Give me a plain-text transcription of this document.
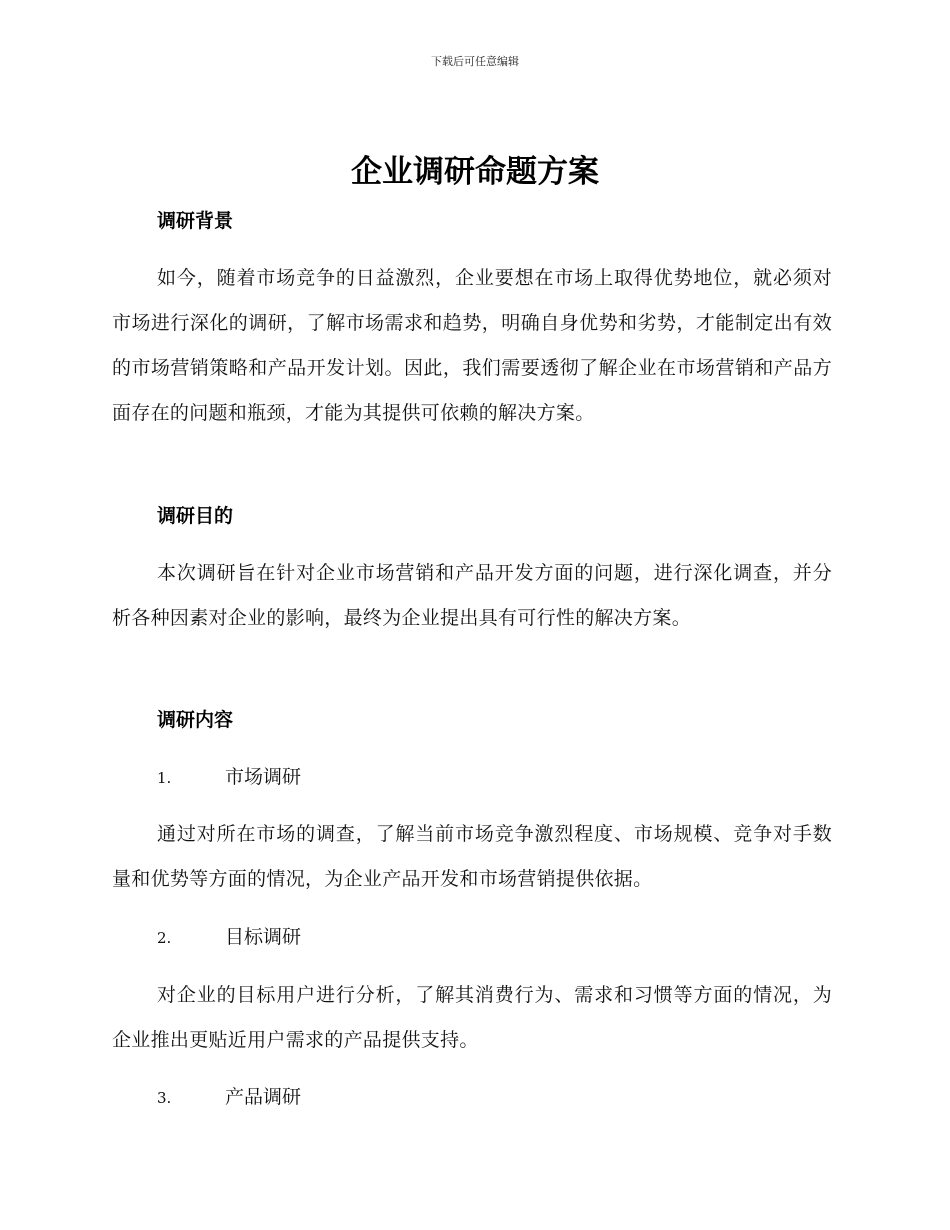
下载后可任意编辑
企业调研命题方案
调研背景

如今，随着市场竞争的日益激烈，企业要想在市场上取得优势地位，就必须对市场进行深化的调研，了解市场需求和趋势，明确自身优势和劣势，才能制定出有效的市场营销策略和产品开发计划。因此，我们需要透彻了解企业在市场营销和产品方面存在的问题和瓶颈，才能为其提供可依赖的解决方案。

调研目的

本次调研旨在针对企业市场营销和产品开发方面的问题，进行深化调查，并分析各种因素对企业的影响，最终为企业提出具有可行性的解决方案。

调研内容
1.	市场调研

通过对所在市场的调查，了解当前市场竞争激烈程度、市场规模、竞争对手数量和优势等方面的情况，为企业产品开发和市场营销提供依据。

2.	目标调研

对企业的目标用户进行分析，了解其消费行为、需求和习惯等方面的情况，为企业推出更贴近用户需求的产品提供支持。

3.	产品调研
